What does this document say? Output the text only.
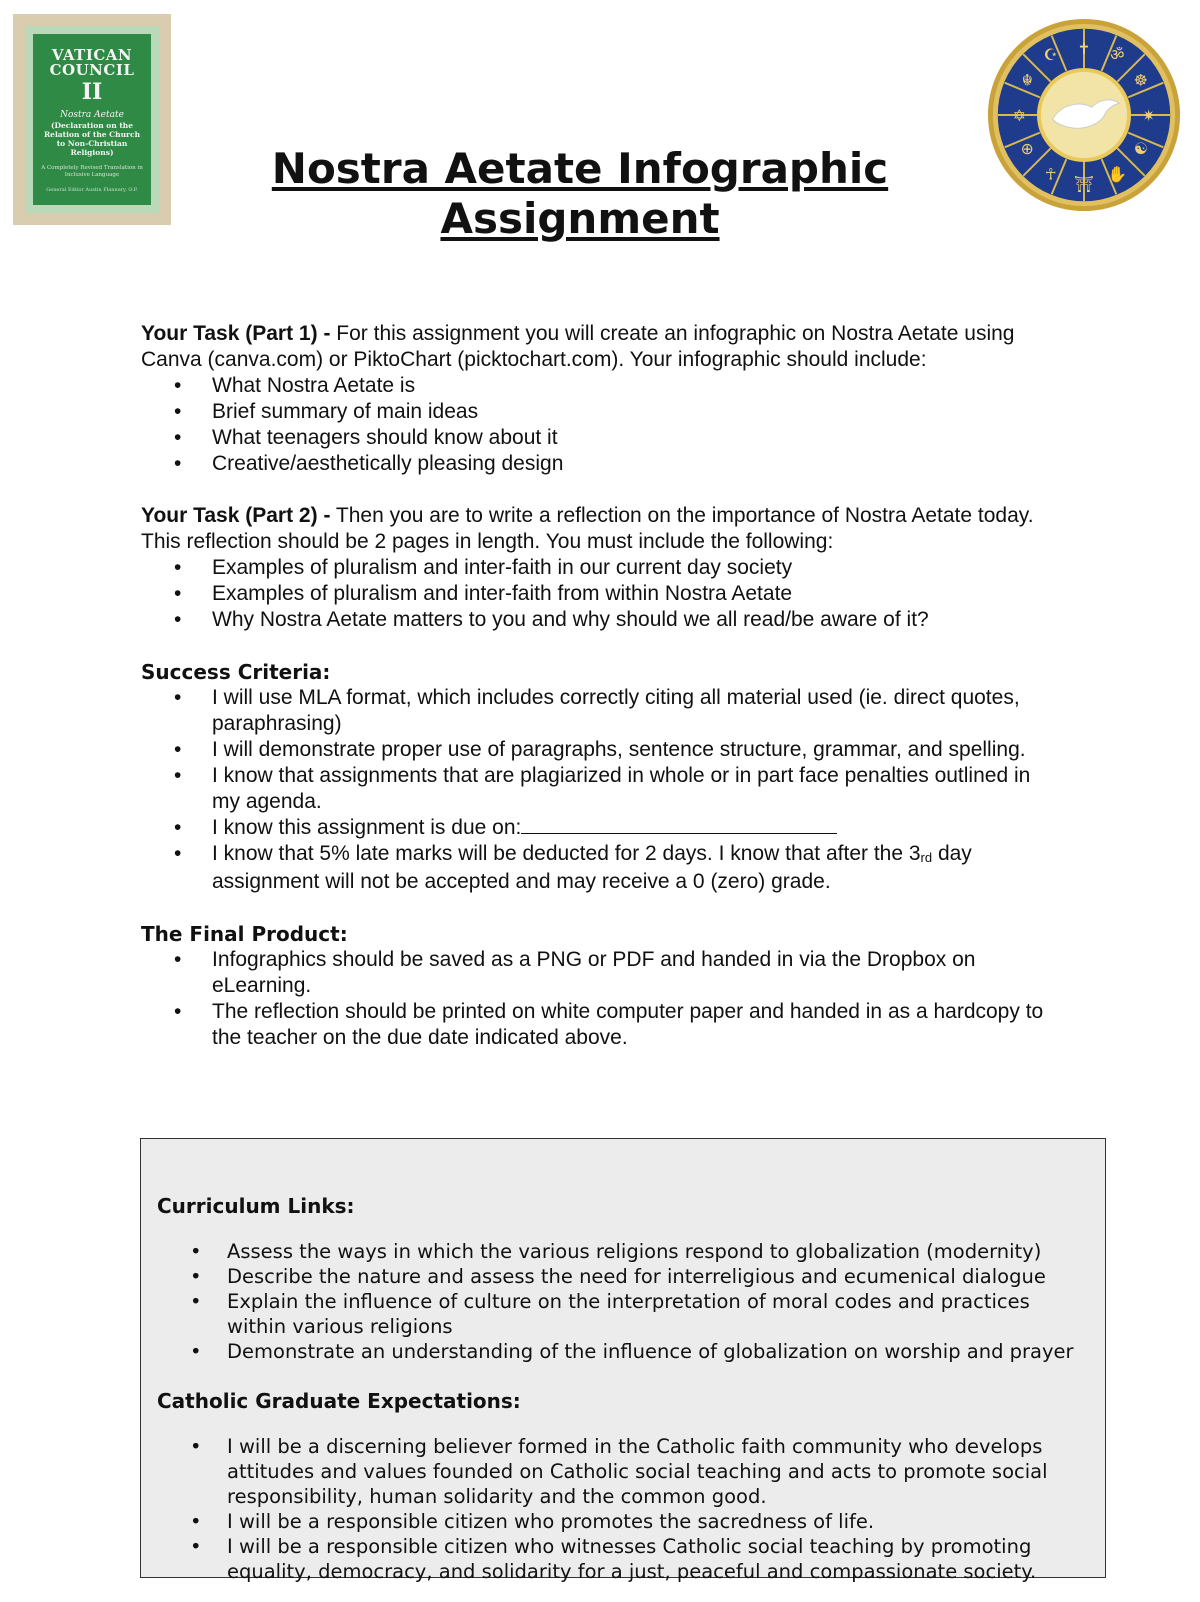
VATICAN COUNCIL
II
Nostra Aetate
(Declaration on the Relation of the Church to Non-Christian Religions)
A Completely Revised Translation in Inclusive Language
General Editor Austin Flannery, O.P.
✝ ॐ
☸
✷
☯
✋
⛩
☥
⊕
✡
☬
☪
Nostra Aetate Infographic
Assignment

Your Task (Part 1) - For this assignment you will create an infographic on Nostra Aetate using Canva (canva.com) or PiktoChart (picktochart.com). Your infographic should include:

• What Nostra Aetate is
• Brief summary of main ideas
• What teenagers should know about it
• Creative/aesthetically pleasing design

Your Task (Part 2) - Then you are to write a reflection on the importance of Nostra Aetate today. This reflection should be 2 pages in length. You must include the following:

• Examples of pluralism and inter-faith in our current day society
• Examples of pluralism and inter-faith from within Nostra Aetate
• Why Nostra Aetate matters to you and why should we all read/be aware of it?

Success Criteria:

• I will use MLA format, which includes correctly citing all material used (ie. direct quotes, paraphrasing)
• I will demonstrate proper use of paragraphs, sentence structure, grammar, and spelling.
• I know that assignments that are plagiarized in whole or in part face penalties outlined in my agenda.
• I know this assignment is due on:
• I know that 5% late marks will be deducted for 2 days. I know that after the 3rd day assignment will not be accepted and may receive a 0 (zero) grade.

The Final Product:

• Infographics should be saved as a PNG or PDF and handed in via the Dropbox on eLearning.
• The reflection should be printed on white computer paper and handed in as a hardcopy to the teacher on the due date indicated above.

Curriculum Links:

• Assess the ways in which the various religions respond to globalization (modernity)
• Describe the nature and assess the need for interreligious and ecumenical dialogue
• Explain the influence of culture on the interpretation of moral codes and practices within various religions
• Demonstrate an understanding of the influence of globalization on worship and prayer

Catholic Graduate Expectations:

• I will be a discerning believer formed in the Catholic faith community who develops attitudes and values founded on Catholic social teaching and acts to promote social responsibility, human solidarity and the common good.
• I will be a responsible citizen who promotes the sacredness of life.
• I will be a responsible citizen who witnesses Catholic social teaching by promoting equality, democracy, and solidarity for a just, peaceful and compassionate society.
